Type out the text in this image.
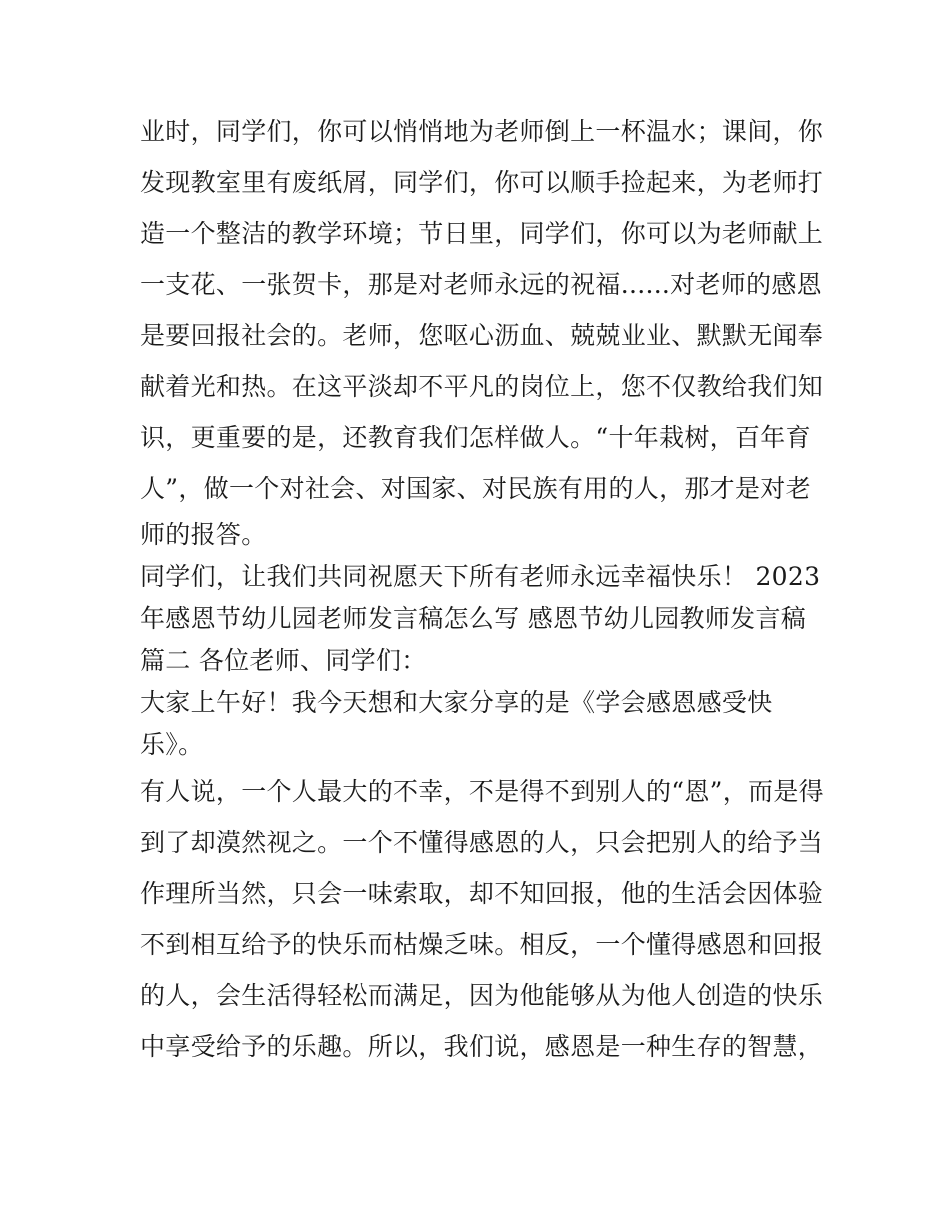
业时，同学们，你可以悄悄地为老师倒上一杯温水；课间，你
发现教室里有废纸屑，同学们，你可以顺手捡起来，为老师打
造一个整洁的教学环境；节日里，同学们，你可以为老师献上
一支花、一张贺卡，那是对老师永远的祝福......对老师的感恩
是要回报社会的。老师，您呕心沥血、兢兢业业、默默无闻奉
献着光和热。在这平淡却不平凡的岗位上，您不仅教给我们知
识，更重要的是，还教育我们怎样做人。“十年栽树，百年育
人”，做一个对社会、对国家、对民族有用的人，那才是对老
师的报答。
同学们，让我们共同祝愿天下所有老师永远幸福快乐！ 2023
年感恩节幼儿园老师发言稿怎么写 感恩节幼儿园教师发言稿
篇二 各位老师、同学们：
大家上午好！我今天想和大家分享的是《学会感恩感受快
乐》。
有人说，一个人最大的不幸，不是得不到别人的“恩”，而是得
到了却漠然视之。一个不懂得感恩的人，只会把别人的给予当
作理所当然，只会一味索取，却不知回报，他的生活会因体验
不到相互给予的快乐而枯燥乏味。相反，一个懂得感恩和回报
的人，会生活得轻松而满足，因为他能够从为他人创造的快乐
中享受给予的乐趣。所以，我们说，感恩是一种生存的智慧，
